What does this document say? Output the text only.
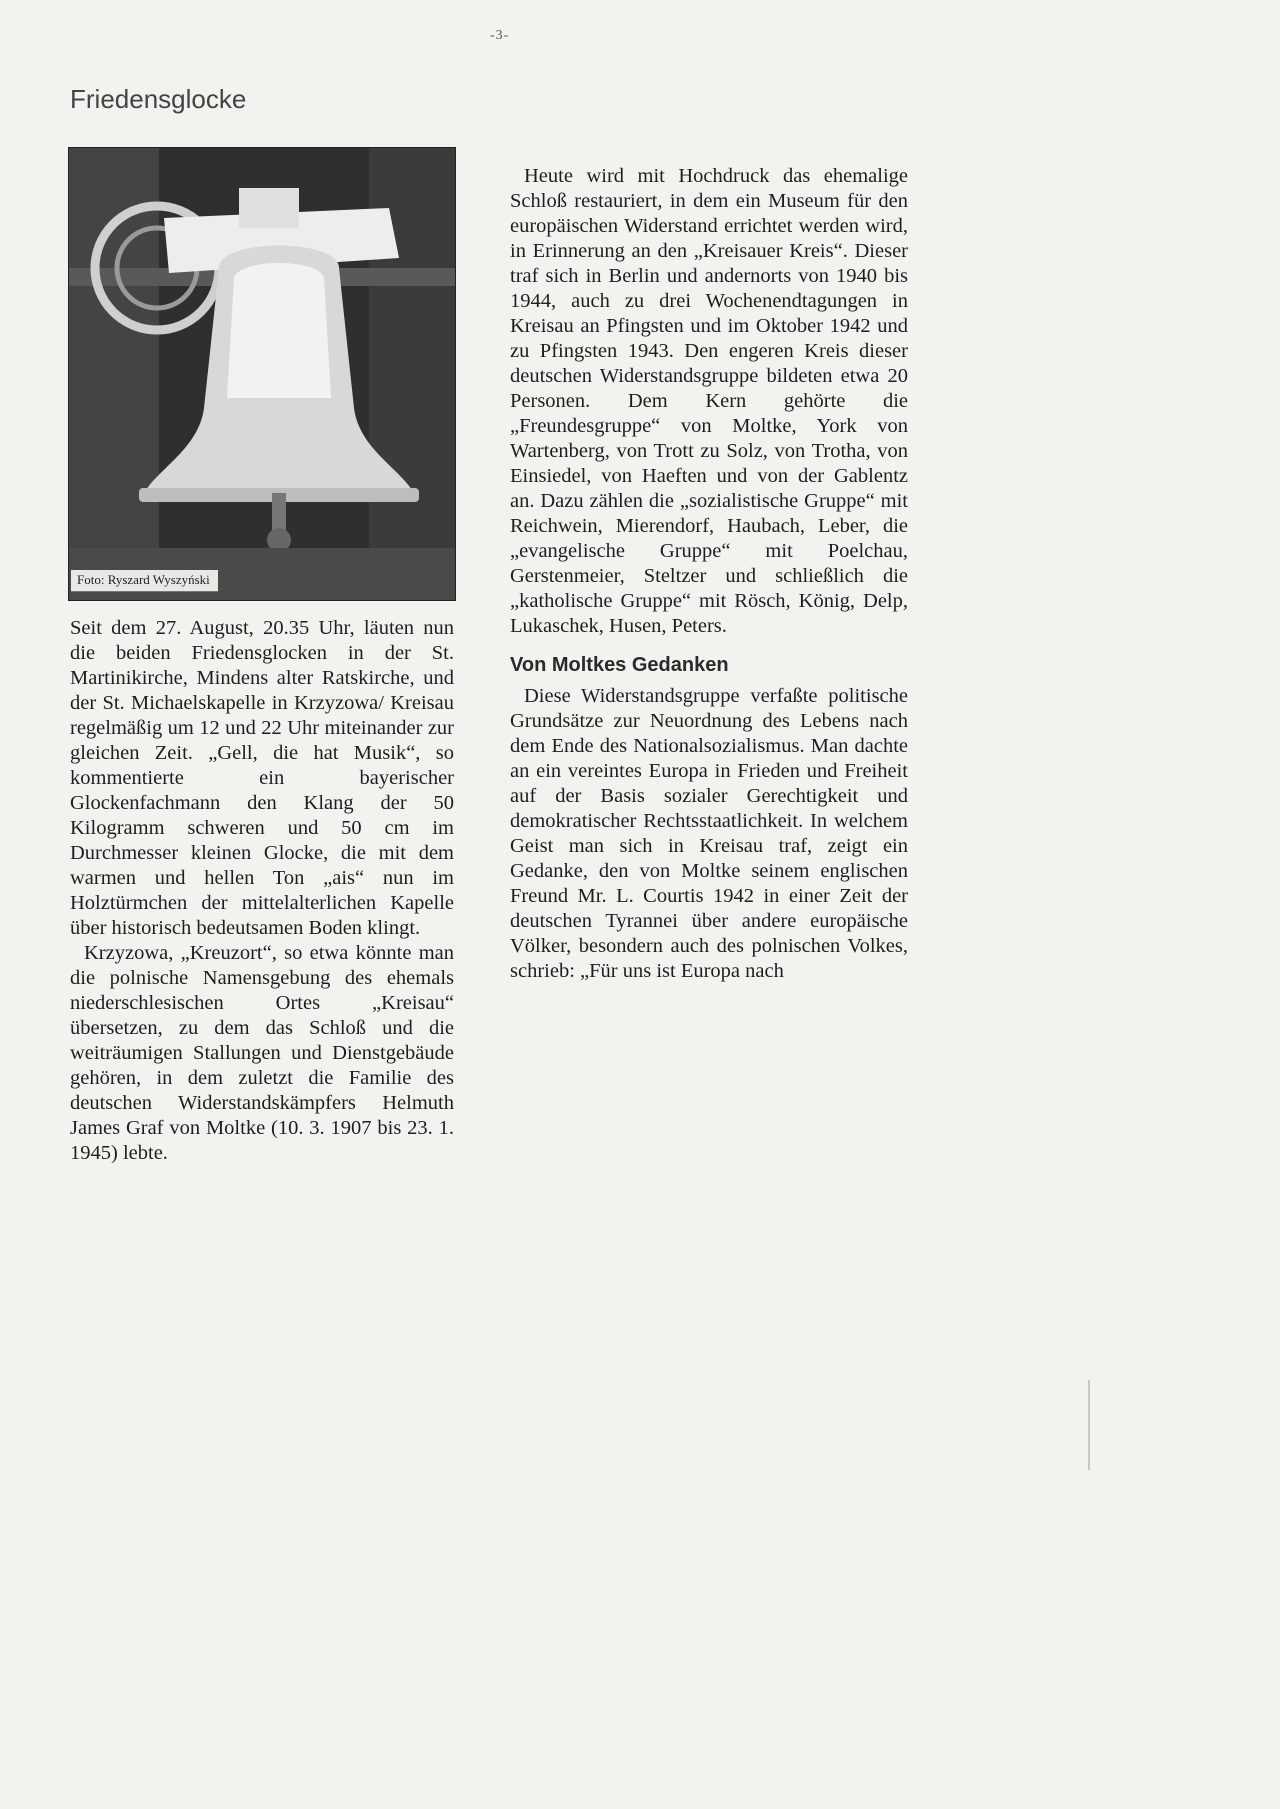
-3-
Friedensglocke
Foto: Ryszard Wyszyński

Seit dem 27. August, 20.35 Uhr, läuten nun die beiden Friedensglocken in der St. Martinikirche, Mindens alter Ratskirche, und der St. Michaelskapelle in Krzyzowa/ Kreisau regelmäßig um 12 und 22 Uhr miteinander zur gleichen Zeit. „Gell, die hat Musik“, so kommentierte ein bayerischer Glockenfachmann den Klang der 50 Kilogramm schweren und 50 cm im Durchmesser kleinen Glocke, die mit dem warmen und hellen Ton „ais“ nun im Holztürmchen der mittelalterlichen Kapelle über historisch bedeutsamen Boden klingt.

Krzyzowa, „Kreuzort“, so etwa könnte man die polnische Namensgebung des ehemals niederschlesischen Ortes „Kreisau“ übersetzen, zu dem das Schloß und die weiträumigen Stallungen und Dienstgebäude gehören, in dem zuletzt die Familie des deutschen Widerstandskämpfers Helmuth James Graf von Moltke (10. 3. 1907 bis 23. 1. 1945) lebte.

Heute wird mit Hochdruck das ehemalige Schloß restauriert, in dem ein Museum für den europäischen Widerstand errichtet werden wird, in Erinnerung an den „Kreisauer Kreis“. Dieser traf sich in Berlin und andernorts von 1940 bis 1944, auch zu drei Wochenendtagungen in Kreisau an Pfingsten und im Oktober 1942 und zu Pfingsten 1943. Den engeren Kreis dieser deutschen Widerstandsgruppe bildeten etwa 20 Personen. Dem Kern gehörte die „Freundesgruppe“ von Moltke, York von Wartenberg, von Trott zu Solz, von Trotha, von Einsiedel, von Haeften und von der Gablentz an. Dazu zählen die „sozialistische Gruppe“ mit Reichwein, Mierendorf, Haubach, Leber, die „evangelische Gruppe“ mit Poelchau, Gerstenmeier, Steltzer und schließlich die „katholische Gruppe“ mit Rösch, König, Delp, Lukaschek, Husen, Peters.

Von Moltkes Gedanken

Diese Widerstandsgruppe verfaßte politische Grundsätze zur Neuordnung des Lebens nach dem Ende des Nationalsozialismus. Man dachte an ein vereintes Europa in Frieden und Freiheit auf der Basis sozialer Gerechtigkeit und demokratischer Rechtsstaatlichkeit. In welchem Geist man sich in Kreisau traf, zeigt ein Gedanke, den von Moltke seinem englischen Freund Mr. L. Courtis 1942 in einer Zeit der deutschen Tyrannei über andere europäische Völker, besondern auch des polnischen Volkes, schrieb: „Für uns ist Europa nach
